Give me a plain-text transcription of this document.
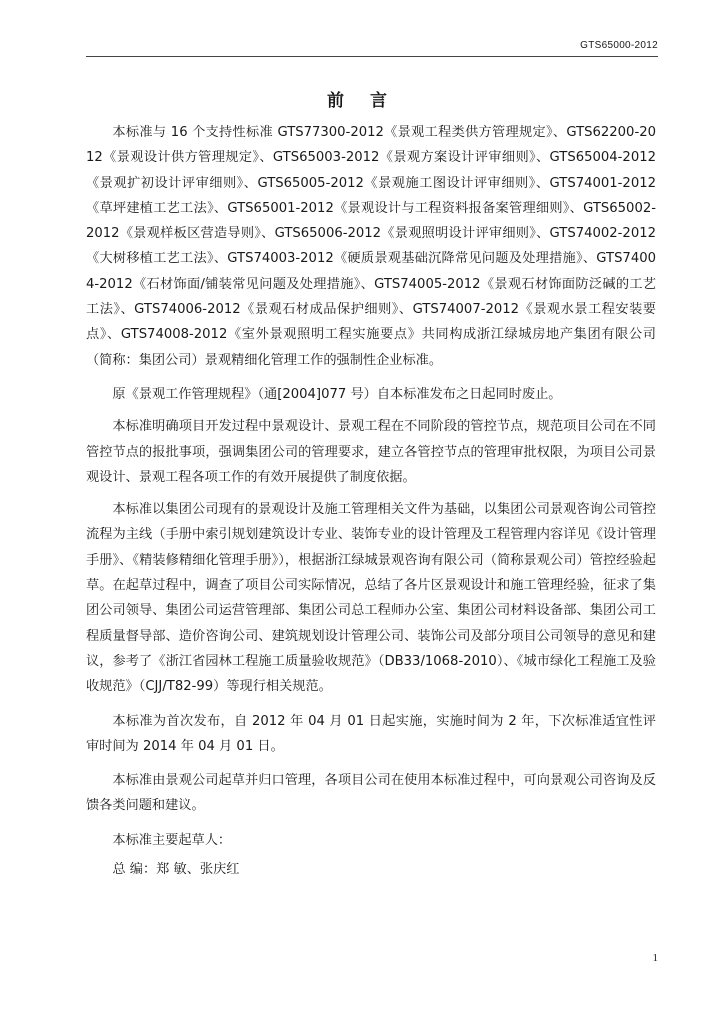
GTS65000-2012
前 言

本标准与 16 个支持性标准 GTS77300-2012《景观工程类供方管理规定》、GTS62200-2012《景观设计供方管理规定》、GTS65003-2012《景观方案设计评审细则》、GTS65004-2012《景观扩初设计评审细则》、GTS65005-2012《景观施工图设计评审细则》、GTS74001-2012《草坪建植工艺工法》、GTS65001-2012《景观设计与工程资料报备案管理细则》、GTS65002-2012《景观样板区营造导则》、GTS65006-2012《景观照明设计评审细则》、GTS74002-2012《大树移植工艺工法》、GTS74003-2012《硬质景观基础沉降常见问题及处理措施》、GTS74004-2012《石材饰面/铺装常见问题及处理措施》、GTS74005-2012《景观石材饰面防泛碱的工艺工法》、GTS74006-2012《景观石材成品保护细则》、GTS74007-2012《景观水景工程安装要点》、GTS74008-2012《室外景观照明工程实施要点》共同构成浙江绿城房地产集团有限公司（简称：集团公司）景观精细化管理工作的强制性企业标准。

原《景观工作管理规程》（通[2004]077 号）自本标准发布之日起同时废止。

本标准明确项目开发过程中景观设计、景观工程在不同阶段的管控节点，规范项目公司在不同管控节点的报批事项，强调集团公司的管理要求，建立各管控节点的管理审批权限，为项目公司景观设计、景观工程各项工作的有效开展提供了制度依据。

本标准以集团公司现有的景观设计及施工管理相关文件为基础，以集团公司景观咨询公司管控流程为主线（手册中索引规划建筑设计专业、装饰专业的设计管理及工程管理内容详见《设计管理手册》、《精装修精细化管理手册》），根据浙江绿城景观咨询有限公司（简称景观公司）管控经验起草。在起草过程中，调查了项目公司实际情况，总结了各片区景观设计和施工管理经验，征求了集团公司领导、集团公司运营管理部、集团公司总工程师办公室、集团公司材料设备部、集团公司工程质量督导部、造价咨询公司、建筑规划设计管理公司、装饰公司及部分项目公司领导的意见和建议，参考了《浙江省园林工程施工质量验收规范》（DB33/1068-2010）、《城市绿化工程施工及验收规范》（CJJ/T82-99）等现行相关规范。

本标准为首次发布，自 2012 年 04 月 01 日起实施，实施时间为 2 年，下次标准适宜性评审时间为 2014 年 04 月 01 日。

本标准由景观公司起草并归口管理，各项目公司在使用本标准过程中，可向景观公司咨询及反馈各类问题和建议。

本标准主要起草人：

总 编：郑 敏、张庆红

1
